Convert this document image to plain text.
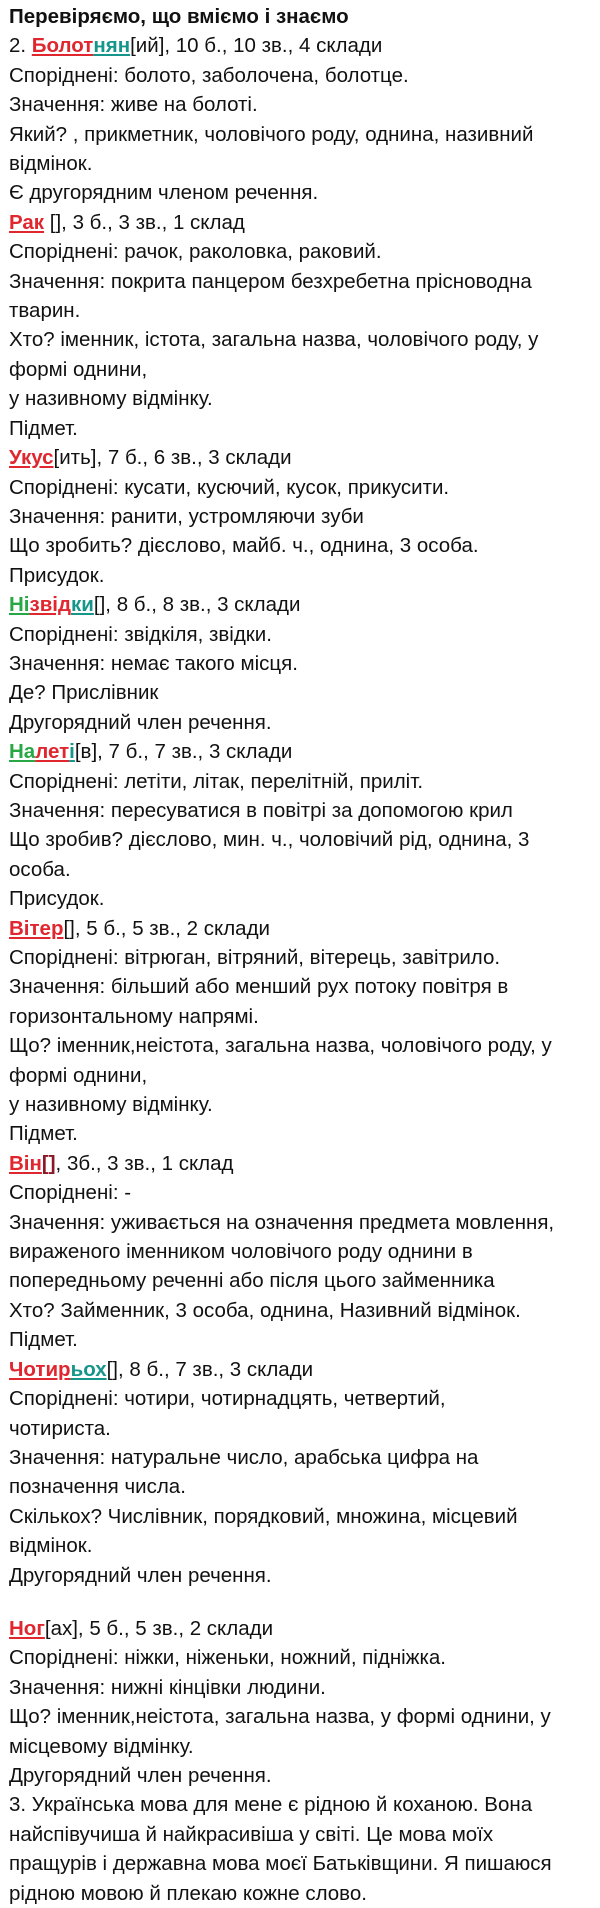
Перевіряємо, що вміємо і знаємо
2. Болотнян[ий], 10 б., 10 зв., 4 склади
Споріднені: болото, заболочена, болотце.
Значення: живе на болоті.
Який? , прикметник, чоловічого роду, однина, називний
відмінок.
Є другорядним членом речення.
Рак [], 3 б., 3 зв., 1 склад
Споріднені: рачок, раколовка, раковий.
Значення: покрита панцером безхребетна прісноводна
тварин.
Хто? іменник, істота, загальна назва, чоловічого роду, у
формі однини,
у називному відмінку.
Підмет.
Укус[ить], 7 б., 6 зв., 3 склади
Споріднені: кусати, кусючий, кусок, прикусити.
Значення: ранити, устромляючи зуби
Що зробить? дієслово, майб. ч., однина, 3 особа.
Присудок.
Нізвідки[], 8 б., 8 зв., 3 склади
Споріднені: звідкіля, звідки.
Значення: немає такого місця.
Де? Прислівник
Другорядний член речення.
Налеті[в], 7 б., 7 зв., 3 склади
Споріднені: летіти, літак, перелітній, приліт.
Значення: пересуватися в повітрі за допомогою крил
Що зробив? дієслово, мин. ч., чоловічий рід, однина, 3
особа.
Присудок.
Вітер[], 5 б., 5 зв., 2 склади
Споріднені: вітрюган, вітряний, вітерець, завітрило.
Значення: більший або менший рух потоку повітря в
горизонтальному напрямі.
Що? іменник,неістота, загальна назва, чоловічого роду, у
формі однини,
у називному відмінку.
Підмет.
Він[], 3б., 3 зв., 1 склад
Споріднені: -
Значення: уживається на означення предмета мовлення,
вираженого іменником чоловічого роду однини в
попередньому реченні або після цього займенника
Хто? Займенник, 3 особа, однина, Називний відмінок.
Підмет.
Чотирьох[], 8 б., 7 зв., 3 склади
Споріднені: чотири, чотирнадцять, четвертий,
чотириста.
Значення: натуральне число, арабська цифра на
позначення числа.
Скількох? Числівник, порядковий, множина, місцевий
відмінок.
Другорядний член речення.
Ног[ах], 5 б., 5 зв., 2 склади
Споріднені: ніжки, ніженьки, ножний, підніжка.
Значення: нижні кінцівки людини.
Що? іменник,неістота, загальна назва, у формі однини, у
місцевому відмінку.
Другорядний член речення.
3. Українська мова для мене є рідною й коханою. Вона
найспівучиша й найкрасивіша у світі. Це мова моїх
пращурів і державна мова моєї Батьківщини. Я пишаюся
рідною мовою й плекаю кожне слово.
